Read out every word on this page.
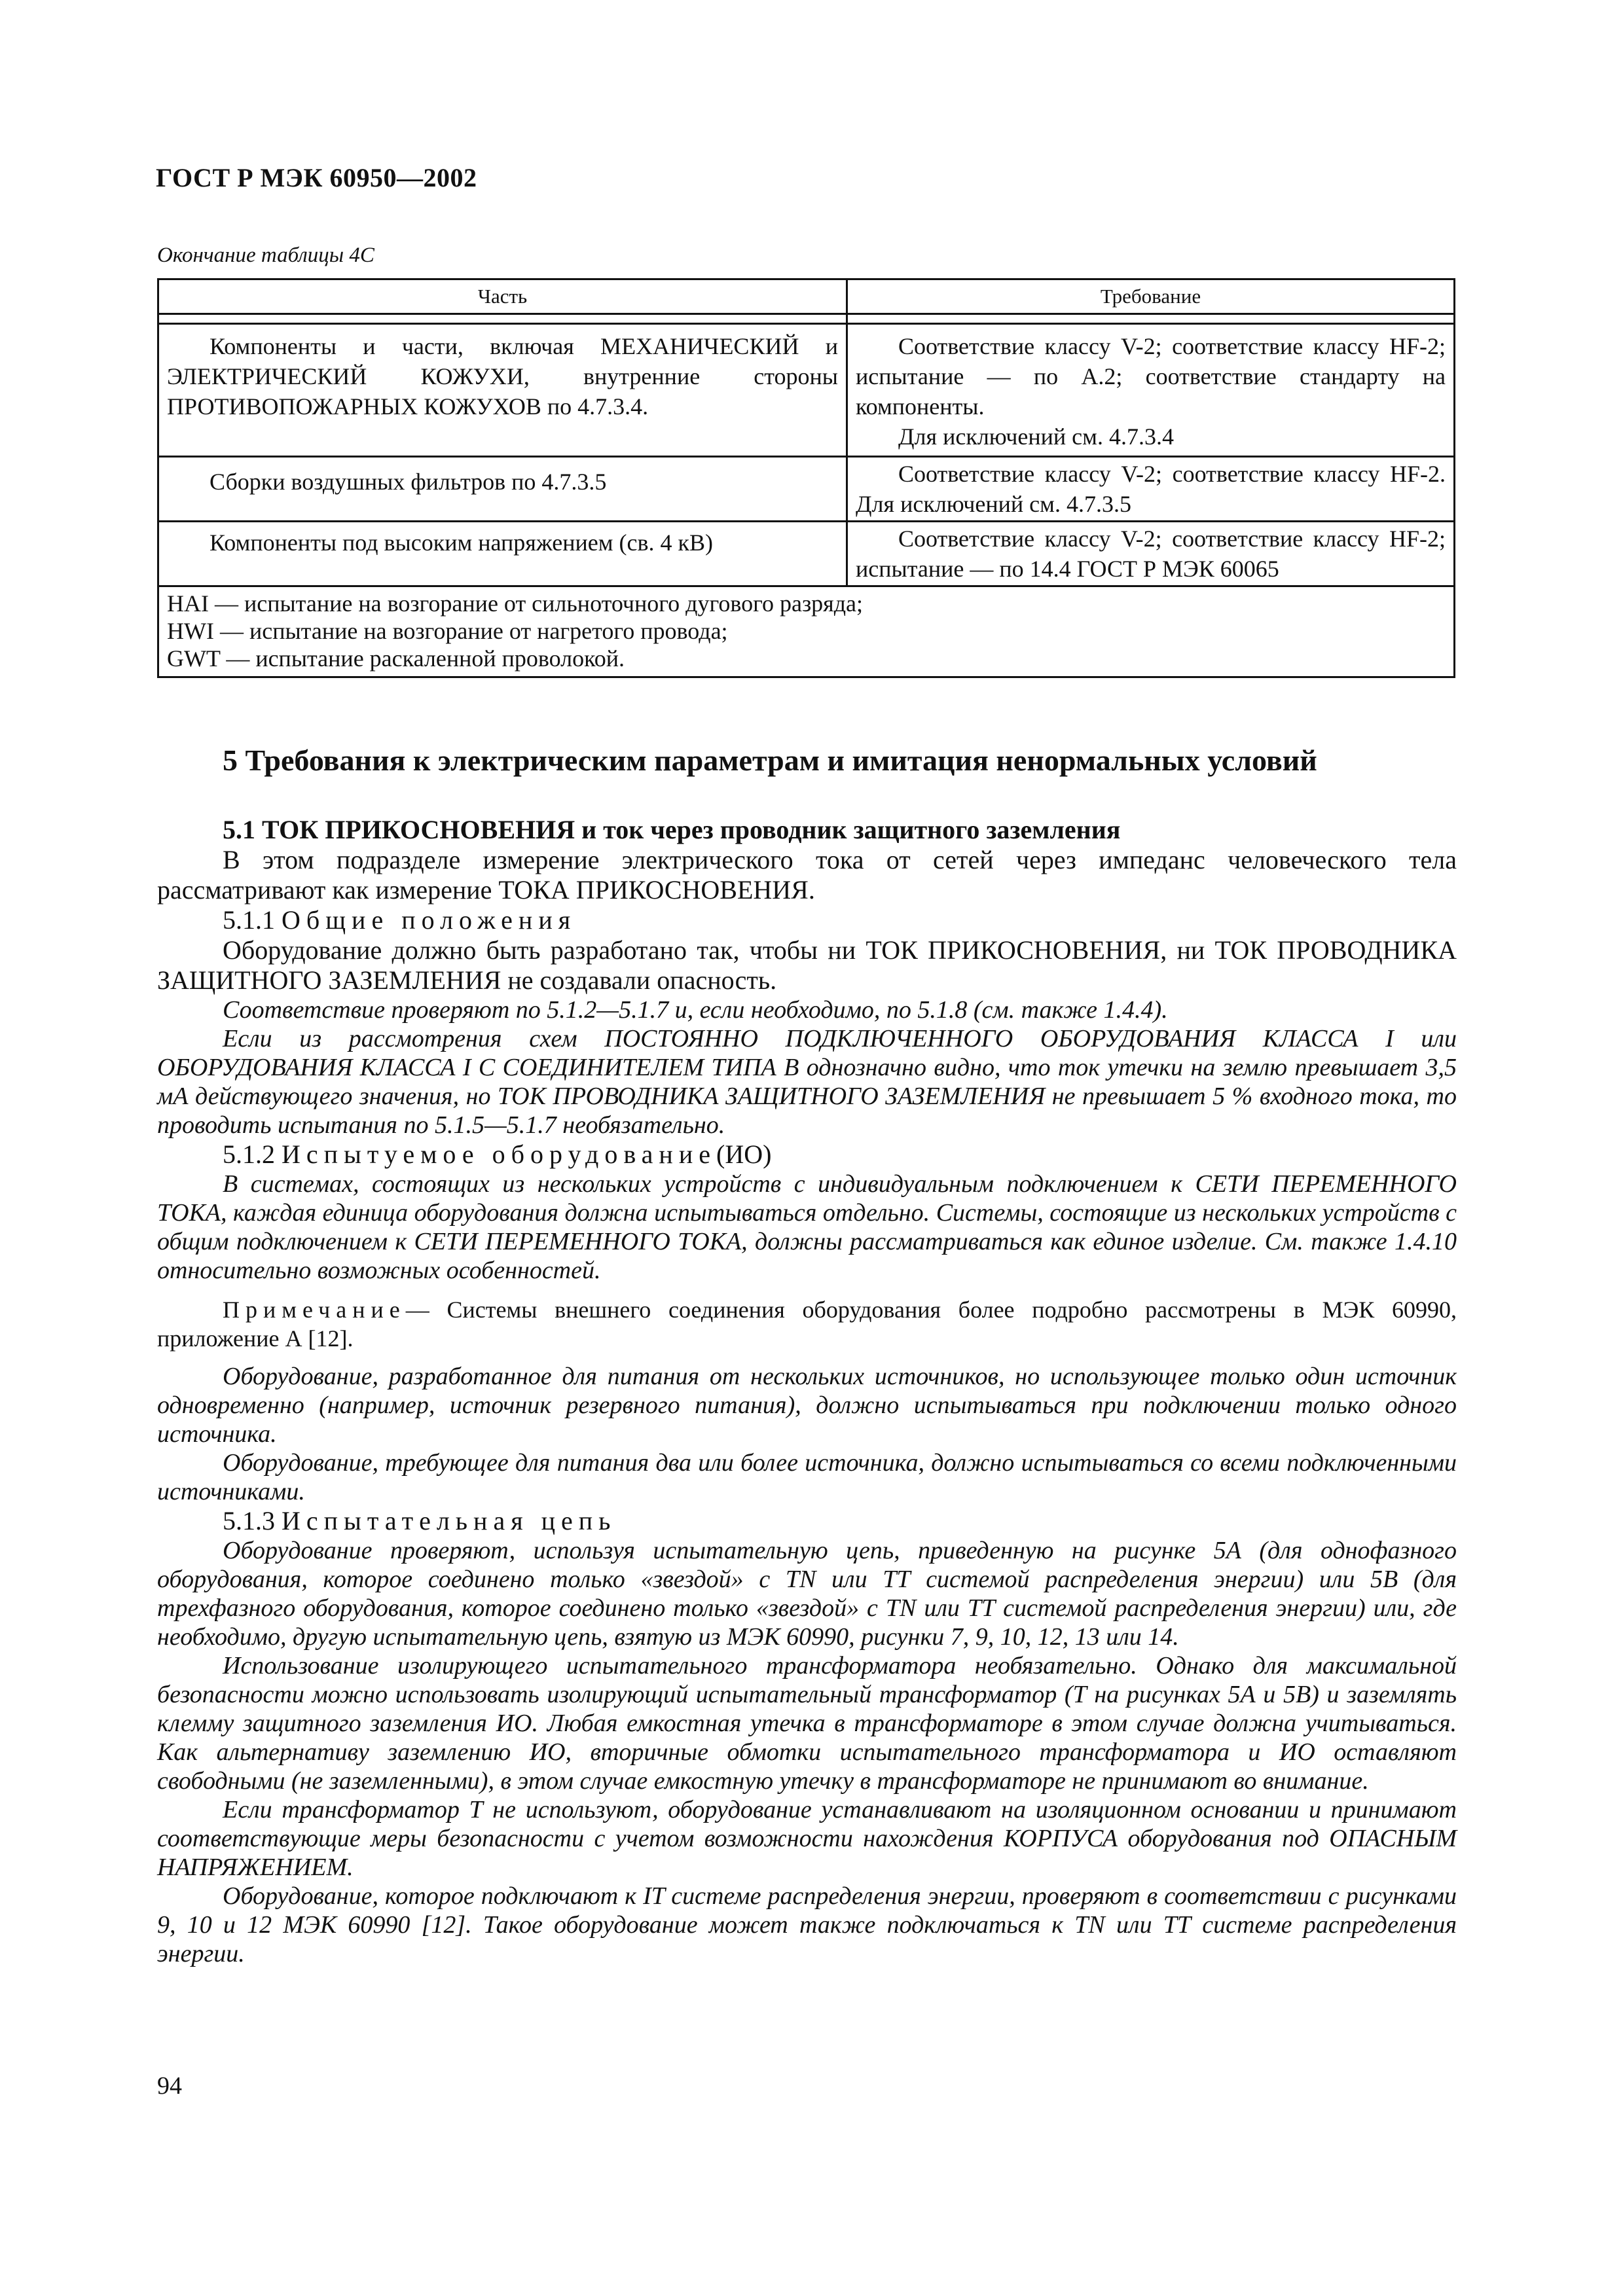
ГОСТ Р МЭК 60950—2002
Окончание таблицы 4С
Часть	Требование

Компоненты и части, включая МЕХАНИЧЕСКИЙ и ЭЛЕКТРИЧЕСКИЙ КОЖУХИ, внутренние стороны ПРОТИВОПОЖАРНЫХ КОЖУХОВ по 4.7.3.4.	Соответствие классу V-2; соответствие классу HF-2; испытание — по А.2; соответствие стандарту на компоненты.
Для исключений см. 4.7.3.4

Сборки воздушных фильтров по 4.7.3.5	Соответствие классу V-2; соответствие классу HF-2. Для исключений см. 4.7.3.5
Компоненты под высоким напряжением (св. 4 кВ)	Соответствие классу V-2; соответствие классу HF-2; испытание — по 14.4 ГОСТ Р МЭК 60065

HAI — испытание на возгорание от сильноточного дугового разряда;
HWI — испытание на возгорание от нагретого провода;
GWT — испытание раскаленной проволокой.	
5 Требования к электрическим параметрам и имитация ненормальных условий

5.1 ТОК ПРИКОСНОВЕНИЯ и ток через проводник защитного заземления

В этом подразделе измерение электрического тока от сетей через импеданс человеческого тела рассматривают как измерение ТОКА ПРИКОСНОВЕНИЯ.

5.1.1 Общие положения

Оборудование должно быть разработано так, чтобы ни ТОК ПРИКОСНОВЕНИЯ, ни ТОК ПРОВОДНИКА ЗАЩИТНОГО ЗАЗЕМЛЕНИЯ не создавали опасность.

Соответствие проверяют по 5.1.2—5.1.7 и, если необходимо, по 5.1.8 (см. также 1.4.4).

Если из рассмотрения схем ПОСТОЯННО ПОДКЛЮЧЕННОГО ОБОРУДОВАНИЯ КЛАССА I или ОБОРУДОВАНИЯ КЛАССА I С СОЕДИНИТЕЛЕМ ТИПА В однозначно видно, что ток утечки на землю превышает 3,5 мА действующего значения, но ТОК ПРОВОДНИКА ЗАЩИТНОГО ЗАЗЕМЛЕНИЯ не превышает 5 % входного тока, то проводить испытания по 5.1.5—5.1.7 необязательно.

5.1.2 Испытуемое оборудование(ИО)

В системах, состоящих из нескольких устройств с индивидуальным подключением к СЕТИ ПЕРЕМЕННОГО ТОКА, каждая единица оборудования должна испытываться отдельно. Системы, состоящие из нескольких устройств с общим подключением к СЕТИ ПЕРЕМЕННОГО ТОКА, должны рассматриваться как единое изделие. См. также 1.4.10 относительно возможных особенностей.

Примечание— Системы внешнего соединения оборудования более подробно рассмотрены в МЭК 60990, приложение А [12].

Оборудование, разработанное для питания от нескольких источников, но использующее только один источник одновременно (например, источник резервного питания), должно испытываться при подключении только одного источника.

Оборудование, требующее для питания два или более источника, должно испытываться со всеми подключенными источниками.

5.1.3 Испытательная цепь

Оборудование проверяют, используя испытательную цепь, приведенную на рисунке 5А (для однофазного оборудования, которое соединено только «звездой» с TN или ТТ системой распределения энергии) или 5В (для трехфазного оборудования, которое соединено только «звездой» с TN или ТТ системой распределения энергии) или, где необходимо, другую испытательную цепь, взятую из МЭК 60990, рисунки 7, 9, 10, 12, 13 или 14.

Использование изолирующего испытательного трансформатора необязательно. Однако для максимальной безопасности можно использовать изолирующий испытательный трансформатор (Т на рисунках 5А и 5В) и заземлять клемму защитного заземления ИО. Любая емкостная утечка в трансформаторе в этом случае должна учитываться. Как альтернативу заземлению ИО, вторичные обмотки испытательного трансформатора и ИО оставляют свободными (не заземленными), в этом случае емкостную утечку в трансформаторе не принимают во внимание.

Если трансформатор Т не используют, оборудование устанавливают на изоляционном основании и принимают соответствующие меры безопасности с учетом возможности нахождения КОРПУСА оборудования под ОПАСНЫМ НАПРЯЖЕНИЕМ.

Оборудование, которое подключают к IT системе распределения энергии, проверяют в соответствии с рисунками 9, 10 и 12 МЭК 60990 [12]. Такое оборудование может также подключаться к TN или ТТ системе распределения энергии.

94
